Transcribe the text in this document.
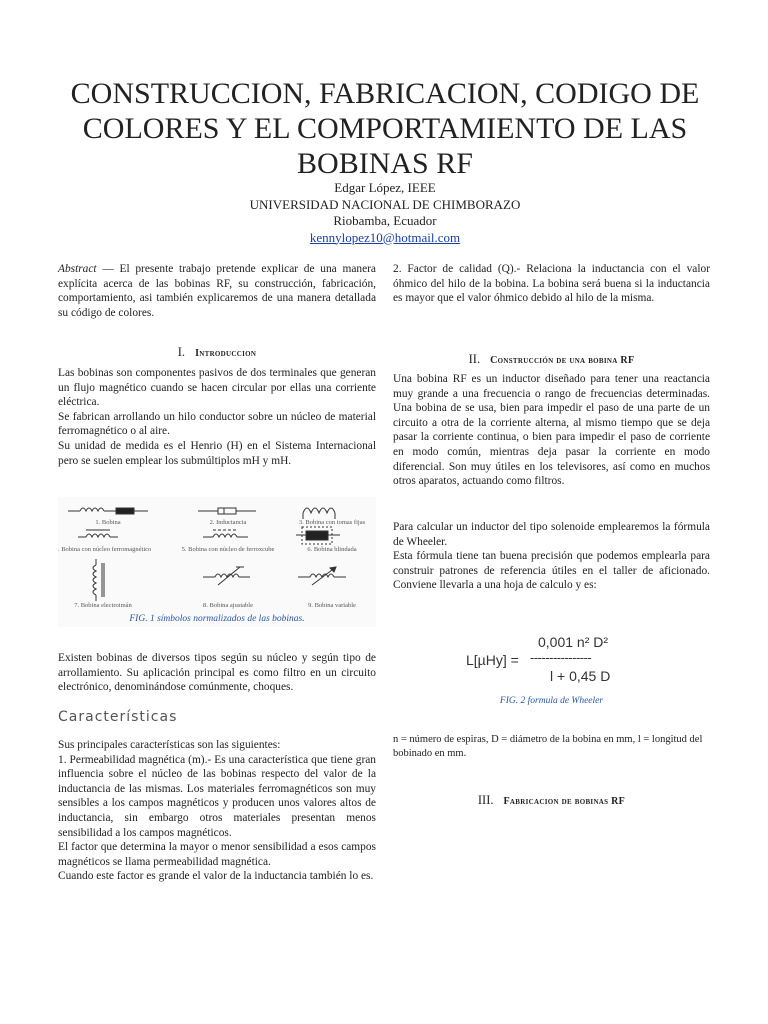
CONSTRUCCION, FABRICACION, CODIGO DE COLORES Y EL COMPORTAMIENTO DE LAS BOBINAS RF
Edgar López, IEEE
UNIVERSIDAD NACIONAL DE CHIMBORAZO
Riobamba, Ecuador
kennylopez10@hotmail.com

Abstract — El presente trabajo pretende explicar de una manera explícita acerca de las bobinas RF, su construcción, fabricación, comportamiento, asi también explicaremos de una manera detallada su código de colores.

I. Introduccion

Las bobinas son componentes pasivos de dos terminales que generan un flujo magnético cuando se hacen circular por ellas una corriente eléctrica.

Se fabrican arrollando un hilo conductor sobre un núcleo de material ferromagnético o al aire.

Su unidad de medida es el Henrio (H) en el Sistema Internacional pero se suelen emplear los submúltiplos mH y mH.

1. Bobina	2. Inductancia	3. Bobina con tomas fijas
4. Bobina con núcleo ferromagnético	5. Bobina con núcleo de ferroxcube	6. Bobina blindada
7. Bobina electroimán	8. Bobina ajustable	9. Bobina variable
FIG. 1 símbolos normalizados de las bobinas.

Existen bobinas de diversos tipos según su núcleo y según tipo de arrollamiento. Su aplicación principal es como filtro en un circuito electrónico, denominándose comúnmente, choques.

Características

Sus principales características son las siguientes:

1. Permeabilidad magnética (m).- Es una característica que tiene gran influencia sobre el núcleo de las bobinas respecto del valor de la inductancia de las mismas. Los materiales ferromagnéticos son muy sensibles a los campos magnéticos y producen unos valores altos de inductancia, sin embargo otros materiales presentan menos sensibilidad a los campos magnéticos.

El factor que determina la mayor o menor sensibilidad a esos campos magnéticos se llama permeabilidad magnética.

Cuando este factor es grande el valor de la inductancia también lo es.

2. Factor de calidad (Q).- Relaciona la inductancia con el valor óhmico del hilo de la bobina. La bobina será buena si la inductancia es mayor que el valor óhmico debido al hilo de la misma.

II. Construcción de una bobina RF

Una bobina RF es un inductor diseñado para tener una reactancia muy grande a una frecuencia o rango de frecuencias determinadas. Una bobina de se usa, bien para impedir el paso de una parte de un circuito a otra de la corriente alterna, al mismo tiempo que se deja pasar la corriente continua, o bien para impedir el paso de corriente en modo común, mientras deja pasar la corriente en modo diferencial. Son muy útiles en los televisores, así como en muchos otros aparatos, actuando como filtros.

Para calcular un inductor del tipo solenoide emplearemos la fórmula de Wheeler.

Esta fórmula tiene tan buena precisión que podemos emplearla para construir patrones de referencia útiles en el taller de aficionado. Conviene llevarla a una hoja de calculo y es:

0,001 n² D²
L[µHy] = ----------------
l + 0,45 D
FIG. 2 formula de Wheeler

n = número de espiras, D = diámetro de la bobina en mm, l = longitud del bobinado en mm.

III. Fabricacion de bobinas RF
